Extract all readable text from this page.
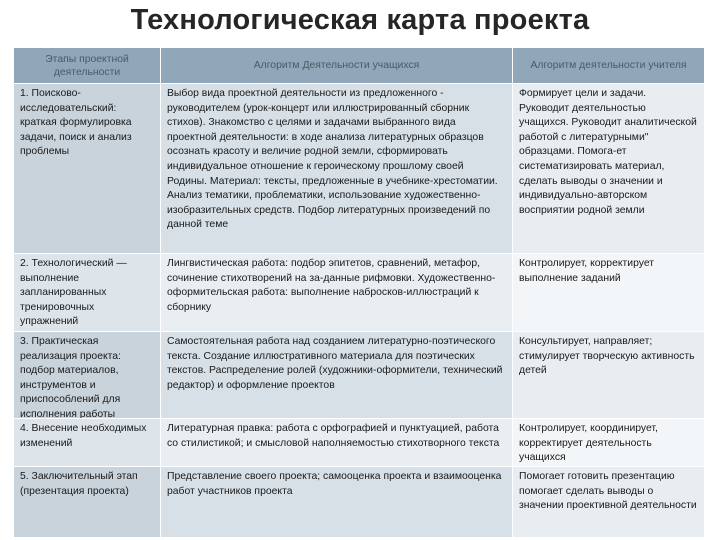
Технологическая карта проекта
Этапы проектной деятельности
Алгоритм Деятельности учащихся	Алгоритм деятельности учителя
1. Поисково-исследовательский: краткая формулировка задачи, поиск и анализ проблемы
Выбор вида проектной деятельности из предложенного - руководителем (урок-концерт или иллюстрированный сборник стихов). Знакомство с целями и задачами выбранного вида проектной деятельности: в ходе анализа литературных образцов осознать красоту и величие родной земли, сформировать индивидуальное отношение к героическому прошлому своей Родины. Материал: тексты, предложенные в учебнике-хрестоматии. Анализ тематики, проблематики, использование художественно-изобразительных средств. Подбор литературных произведений по данной теме
Формирует цели и задачи. Руководит деятельностью учащихся. Руководит аналитической работой с литературными" образцами. Помога-ет систематизировать материал, сделать выводы о значении и индивидуально-авторском восприятии родной земли
2. Технологический — выполнение запланированных тренировочных упражнений
Лингвистическая работа: подбор эпитетов, сравнений, метафор, сочинение стихотворений на за-данные рифмовки. Художественно-оформительская работа: выполнение набросков-иллюстраций к сборнику
Контролирует, корректирует выполнение заданий
3. Практическая реализация проекта: подбор материалов, инструментов и приспособлений для исполнения работы
Самостоятельная работа над созданием литературно-поэтического текста. Создание иллюстративного материала для поэтических текстов. Распределение ролей (художники-оформители, технический редактор) и оформление проектов
Консультирует, направляет; стимулирует творческую активность детей
4. Внесение необходимых изменений
Литературная правка: работа с орфографией и пунктуацией, работа со стилистикой; и смысловой наполняемостью стихотворного текста
Контролирует, координирует, корректирует деятельность учащихся
5. Заключительный этап (презентация проекта)
Представление своего проекта; самооценка проекта и взаимооценка работ участников проекта
Помогает готовить презентацию помогает сделать выводы о значении проективной деятельности
